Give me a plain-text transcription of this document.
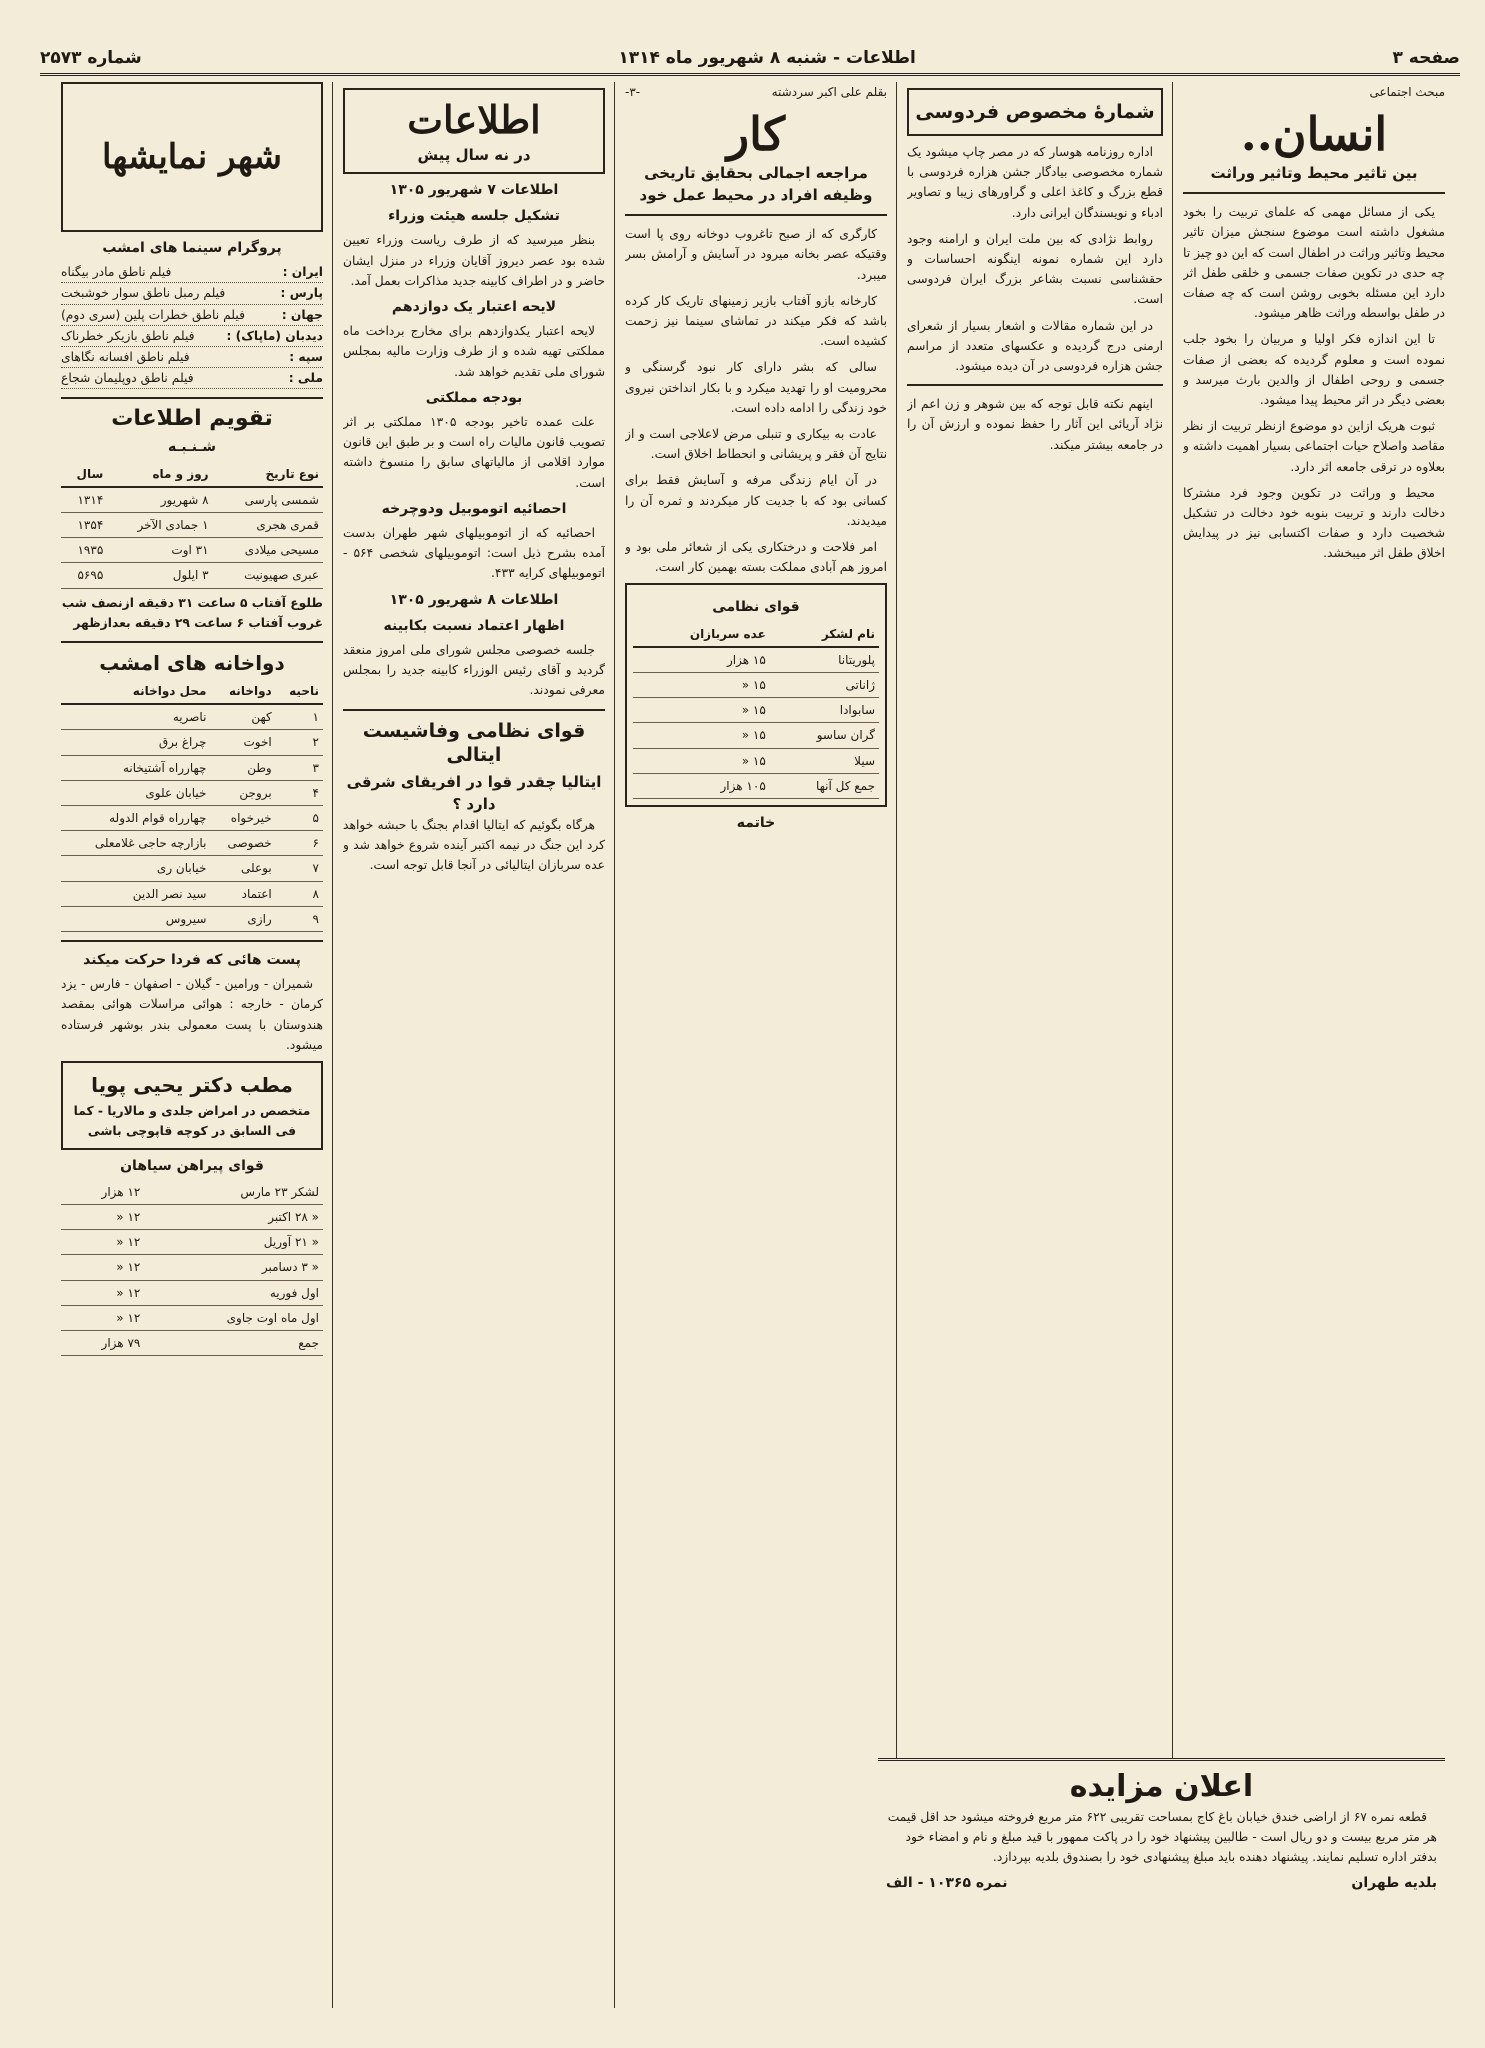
صفحه ۳
اطلاعات - شنبه ۸ شهریور ماه ۱۳۱۴
شماره ۲۵۷۳
مبحث اجتماعی
انسان..
بین تاثیر محیط وتاثیر وراثت

یکی از مسائل مهمی که علمای تربیت را بخود مشغول داشته است موضوع سنجش میزان تاثیر محیط وتاثیر وراثت در اطفال است که این دو چیز تا چه حدی در تکوین صفات جسمی و خلقی طفل اثر دارد این مسئله بخوبی روشن است که چه صفات در طفل بواسطه وراثت ظاهر میشود.

تا این اندازه فکر اولیا و مربیان را بخود جلب نموده است و معلوم گردیده که بعضی از صفات جسمی و روحی اطفال از والدین بارث میرسد و بعضی دیگر در اثر محیط پیدا میشود.

ثبوت هریک ازاین دو موضوع ازنظر تربیت از نظر مقاصد واصلاح حیات اجتماعی بسیار اهمیت داشته و بعلاوه در ترقی جامعه اثر دارد.

محیط و وراثت در تکوین وجود فرد مشترکا دخالت دارند و تربیت بنوبه خود دخالت در تشکیل شخصیت دارد و صفات اکتسابی نیز در پیدایش اخلاق طفل اثر میبخشد.

شمارهٔ مخصوص فردوسی

اداره روزنامه هوسار که در مصر چاپ میشود یک شماره مخصوصی بیادگار جشن هزاره فردوسی با قطع بزرگ و کاغذ اعلی و گراورهای زیبا و تصاویر ادباء و نویسندگان ایرانی دارد.

روابط نژادی که بین ملت ایران و ارامنه وجود دارد این شماره نمونه اینگونه احساسات و حقشناسی نسبت بشاعر بزرگ ایران فردوسی است.

در این شماره مقالات و اشعار بسیار از شعرای ارمنی درج گردیده و عکسهای متعدد از مراسم جشن هزاره فردوسی در آن دیده میشود.

اینهم نکته قابل توجه که بین شوهر و زن اعم از نژاد آریائی این آثار را حفظ نموده و ارزش آن را در جامعه بیشتر میکند.

بقلم علی اکبر سردشته
-۳-
کار
مراجعه اجمالی بحقایق تاریخی وظیفه افراد در محیط عمل خود

کارگری که از صبح تاغروب دوخانه روی پا است وقتیکه عصر بخانه میرود در آسایش و آرامش بسر میبرد.

کارخانه بازو آفتاب بازیر زمینهای تاریک کار کرده باشد که فکر میکند در تماشای سینما نیز زحمت کشیده است.

سالی که بشر دارای کار نبود گرسنگی و محرومیت او را تهدید میکرد و با بکار انداختن نیروی خود زندگی را ادامه داده است.

عادت به بیکاری و تنبلی مرض لاعلاجی است و از نتایج آن فقر و پریشانی و انحطاط اخلاق است.

در آن ایام زندگی مرفه و آسایش فقط برای کسانی بود که با جدیت کار میکردند و ثمره آن را میدیدند.

امر فلاحت و درختکاری یکی از شعائر ملی بود و امروز هم آبادی مملکت بسته بهمین کار است.

قوای نظامی
نام لشکر	عده سربازان
پلوریتانا	۱۵ هزار
ژاناتی	۱۵ «
سابوادا	۱۵ «
گران ساسو	۱۵ «
سیلا	۱۵ «
جمع کل آنها	۱۰۵ هزار
خاتمه
اطلاعات
در نه سال پیش
اطلاعات ۷ شهریور ۱۳۰۵
تشکیل جلسه هیئت وزراء

بنظر میرسید که از طرف ریاست وزراء تعیین شده بود عصر دیروز آقایان وزراء در منزل ایشان حاضر و در اطراف کابینه جدید مذاکرات بعمل آمد.

لایحه اعتبار یک دوازدهم

لایحه اعتبار یکدوازدهم برای مخارج برداخت ماه مملکتی تهیه شده و از طرف وزارت مالیه بمجلس شورای ملی تقدیم خواهد شد.

بودجه مملکتی

علت عمده تاخیر بودجه ۱۳۰۵ مملکتی بر اثر تصویب قانون مالیات راه است و بر طبق این قانون موارد اقلامی از مالیاتهای سابق را منسوخ داشته است.

احصائیه اتوموبیل ودوچرخه

احصائیه که از اتوموبیلهای شهر طهران بدست آمده بشرح ذیل است: اتوموبیلهای شخصی ۵۶۴ - اتوموبیلهای کرایه ۴۳۳.

اطلاعات ۸ شهریور ۱۳۰۵
اظهار اعتماد نسبت بکابینه

جلسه خصوصی مجلس شورای ملی امروز منعقد گردید و آقای رئیس الوزراء کابینه جدید را بمجلس معرفی نمودند.

قوای نظامی وفاشیست ایتالی
ایتالیا چقدر قوا در افریقای شرقی دارد ؟

هرگاه بگوئیم که ایتالیا اقدام بجنگ با حبشه خواهد کرد این جنگ در نیمه اکتبر آینده شروع خواهد شد و عده سربازان ایتالیائی در آنجا قابل توجه است.

شهر نمایشها
پروگرام سینما های امشب
ایران :
فیلم ناطق مادر بیگناه
پارس :
فیلم رمبل ناطق سوار خوشبخت
جهان :
فیلم ناطق خطرات پلین (سری دوم)
دیدبان (ماپاک) :
فیلم ناطق بازیکر خطرناک
سپه :
فیلم ناطق افسانه نگاهای
ملی :
فیلم ناطق دوپلیمان شجاع
تقویم اطلاعات
شـنـبـه
نوع تاریخ	روز و ماه	سال
شمسی پارسی	۸ شهریور	۱۳۱۴
قمری هجری	۱ جمادی الآخر	۱۳۵۴
مسیحی میلادی	۳۱ اوت	۱۹۳۵
عبری صهیونیت	۳ ایلول	۵۶۹۵
طلوع آفتاب ۵ ساعت ۳۱ دقیقه ازنصف شب
غروب آفتاب ۶ ساعت ۲۹ دقیقه بعدازظهر
دواخانه های امشب
ناحیه	دواخانه	محل دواخانه
۱	کهن	ناصریه
۲	اخوت	چراغ برق
۳	وطن	چهارراه آشتیخانه
۴	بروجن	خیابان علوی
۵	خیرخواه	چهارراه قوام الدوله
۶	خصوصی	بازارچه حاجی غلامعلی
۷	بوعلی	خیابان ری
۸	اعتماد	سید نصر الدین
۹	رازی	سیروس
پست هائی که فردا حرکت میکند

شمیران - ورامین - گیلان - اصفهان - فارس - یزد کرمان - خارجه : هوائی مراسلات هوائی بمقصد هندوستان با پست معمولی بندر بوشهر فرستاده میشود.

مطب دکتر یحیی پویا
متخصص در امراض جلدی و مالاریا - کما فی السابق در کوچه قاپوچی باشی
قوای پیراهن سیاهان
لشکر ۲۳ مارس	۱۲ هزار
« ۲۸ اکتبر	۱۲ «
« ۲۱ آوریل	۱۲ «
« ۳ دسامبر	۱۲ «
اول فوریه	۱۲ «
اول ماه اوت جاوی	۱۲ «
جمع	۷۹ هزار
اعلان مزایده

قطعه نمره ۶۷ از اراضی خندق خیابان باغ کاج بمساحت تقریبی ۶۲۲ متر مربع فروخته میشود حد اقل قیمت هر متر مربع بیست و دو ریال است - طالبین پیشنهاد خود را در پاکت ممهور با قید مبلغ و نام و امضاء خود بدفتر اداره تسلیم نمایند. پیشنهاد دهنده باید مبلغ پیشنهادی خود را بصندوق بلدیه بپردازد.

بلدیه طهران
نمره ۱۰۳۶۵ - الف
